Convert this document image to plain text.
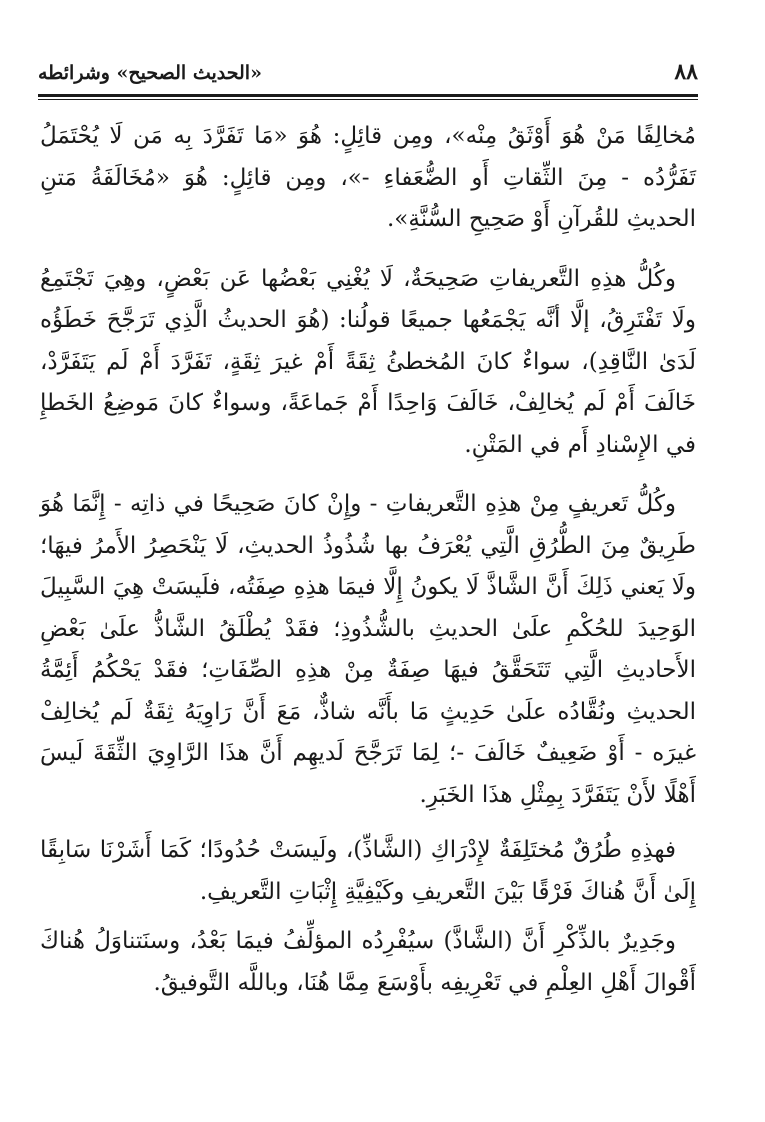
٨٨
«الحديث الصحيح» وشرائطه

مُخالِفًا مَنْ هُوَ أَوْثَقُ مِنْه»، ومِن قائِلٍ: هُوَ «مَا تَفَرَّدَ بِه مَن لَا يُحْتَمَلُ تَفَرُّدُه - مِنَ الثِّقاتِ أَو الضُّعَفاءِ -»، ومِن قائِلٍ: هُوَ «مُخَالَفَةُ مَتنِ الحديثِ للقُرآنِ أَوْ صَحِيحِ السُّنَّةِ».

وكُلُّ هذِهِ التَّعريفاتِ صَحِيحَةٌ، لَا يُغْنِي بَعْضُها عَن بَعْضٍ، وهِيَ تَجْتَمِعُ ولَا تَفْتَرِقُ، إلَّا أنَّه يَجْمَعُها جميعًا قولُنا: (هُوَ الحديثُ الَّذِي تَرَجَّحَ خَطَؤُه لَدَىٰ النَّاقِدِ)، سواءٌ كانَ المُخطئُ ثِقَةً أَمْ غيرَ ثِقَةٍ، تَفَرَّدَ أَمْ لَم يَتَفَرَّدْ، خَالَفَ أَمْ لَم يُخالِفْ، خَالَفَ وَاحِدًا أَمْ جَماعَةً، وسواءٌ كانَ مَوضِعُ الخَطإِ في الإِسْنادِ أَم في المَتْنِ.

وكُلُّ تَعريفٍ مِنْ هذِهِ التَّعريفاتِ - وإِنْ كانَ صَحِيحًا في ذاتِه - إِنَّمَا هُوَ طَرِيقٌ مِنَ الطُّرُقِ الَّتِي يُعْرَفُ بها شُذُوذُ الحديثِ، لَا يَنْحَصِرُ الأَمرُ فيهَا؛ ولَا يَعني ذَلِكَ أَنَّ الشَّاذَّ لَا يكونُ إِلَّا فيمَا هذِهِ صِفَتُه، فلَيسَتْ هِيَ السَّبِيلَ الوَحِيدَ للحُكْمِ علَىٰ الحديثِ بالشُّذُوذِ؛ فقَدْ يُطْلَقُ الشَّاذُّ علَىٰ بَعْضِ الأَحاديثِ الَّتِي تَتَحَقَّقُ فيهَا صِفَةٌ مِنْ هذِهِ الصِّفَاتِ؛ فقَدْ يَحْكُمُ أَئِمَّةُ الحديثِ ونُقَّادُه علَىٰ حَدِيثٍ مَا بأَنَّه شاذٌّ، مَعَ أَنَّ رَاوِيَهُ ثِقَةٌ لَم يُخالِفْ غيرَه - أَوْ ضَعِيفٌ خَالَفَ -؛ لِمَا تَرَجَّحَ لَديهِم أَنَّ هذَا الرَّاوِيَ الثِّقَةَ لَيسَ أَهْلًا لأَنْ يَتَفَرَّدَ بِمِثْلِ هذَا الخَبَرِ.

فهذِهِ طُرُقٌ مُختَلِفَةٌ لإِدْرَاكِ (الشَّاذِّ)، ولَيسَتْ حُدُودًا؛ كَمَا أَشَرْنَا سَابِقًا إِلَىٰ أَنَّ هُناكَ فَرْقًا بَيْنَ التَّعريفِ وكَيْفِيَّةِ إِثْبَاتِ التَّعريفِ.

وجَدِيرٌ بالذِّكْرِ أَنَّ (الشَّاذَّ) سيُفْرِدُه المؤلِّفُ فيمَا بَعْدُ، وسنَتناوَلُ هُناكَ أَقْوالَ أَهْلِ العِلْمِ في تَعْرِيفِه بأَوْسَعَ مِمَّا هُنَا، وباللَّه التَّوفيقُ.
